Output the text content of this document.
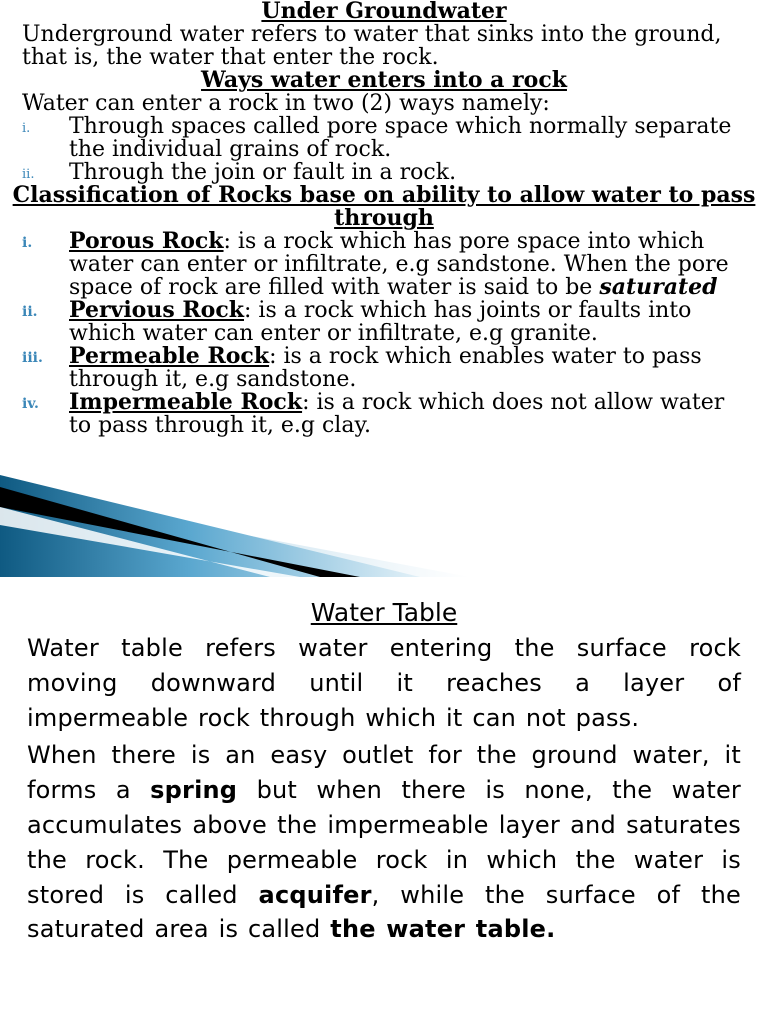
Under Groundwater

Underground water refers to water that sinks into the ground, that is, the water that enter the rock.

Ways water enters into a rock

Water can enter a rock in two (2) ways namely:

i. Through spaces called pore space which normally separate the individual grains of rock.
ii. Through the join or fault in a rock.

Classification of Rocks base on ability to allow water to pass through

i. Porous Rock: is a rock which has pore space into which water can enter or infiltrate, e.g sandstone. When the pore space of rock are filled with water is said to be saturated
ii. Pervious Rock: is a rock which has joints or faults into which water can enter or infiltrate, e.g granite.
iii. Permeable Rock: is a rock which enables water to pass through it, e.g sandstone.
iv. Impermeable Rock: is a rock which does not allow water to pass through it, e.g clay.

Water Table

Water table refers water entering the surface rock moving downward until it reaches a layer of impermeable rock through which it can not pass.

When there is an easy outlet for the ground water, it forms a spring but when there is none, the water accumulates above the impermeable layer and saturates the rock. The permeable rock in which the water is stored is called acquifer, while the surface of the saturated area is called the water table.
